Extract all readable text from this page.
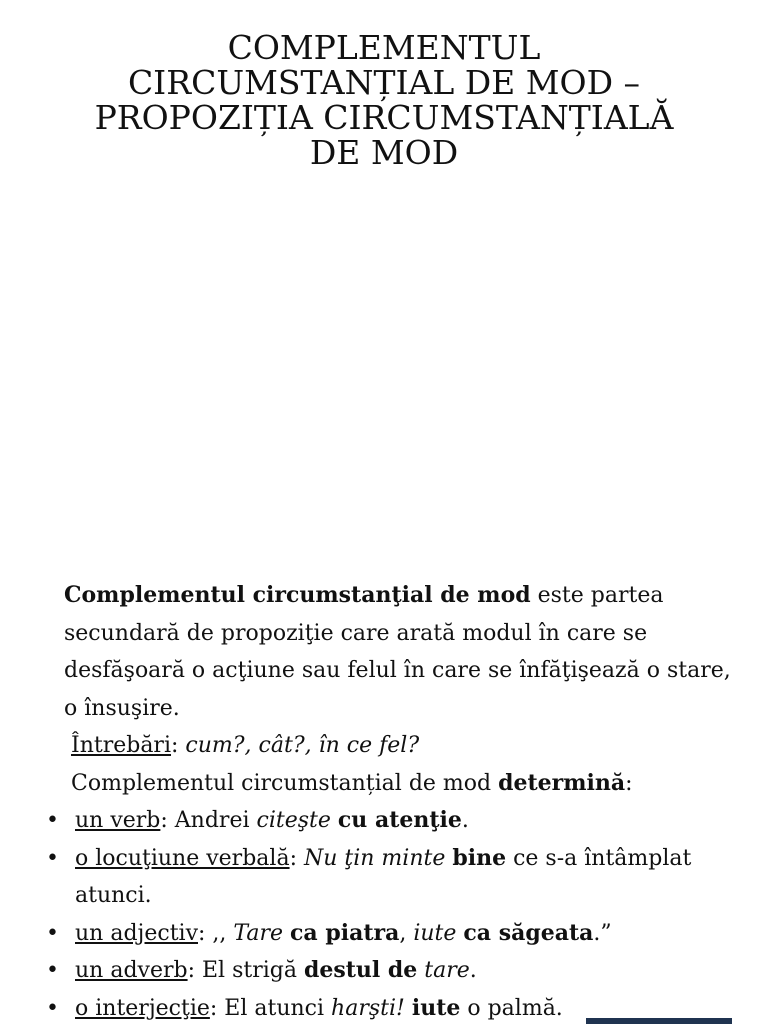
COMPLEMENTUL
CIRCUMSTANȚIAL DE MOD –
PROPOZIȚIA CIRCUMSTANȚIALĂ
DE MOD

Complementul circumstanţial de mod este partea secundară de propoziţie care arată modul în care se desfăşoară o acţiune sau felul în care se înfăţişează o stare, o însuşire.

Întrebări: cum?, cât?, în ce fel?

Complementul circumstanțial de mod determină:

• un verb: Andrei citeşte cu atenţie.

• o locuţiune verbală: Nu ţin minte bine ce s-a întâmplat atunci.

• un adjectiv: ,, Tare ca piatra, iute ca săgeata.”

• un adverb: El strigă destul de tare.

• o interjecţie: El atunci harşti! iute o palmă.
